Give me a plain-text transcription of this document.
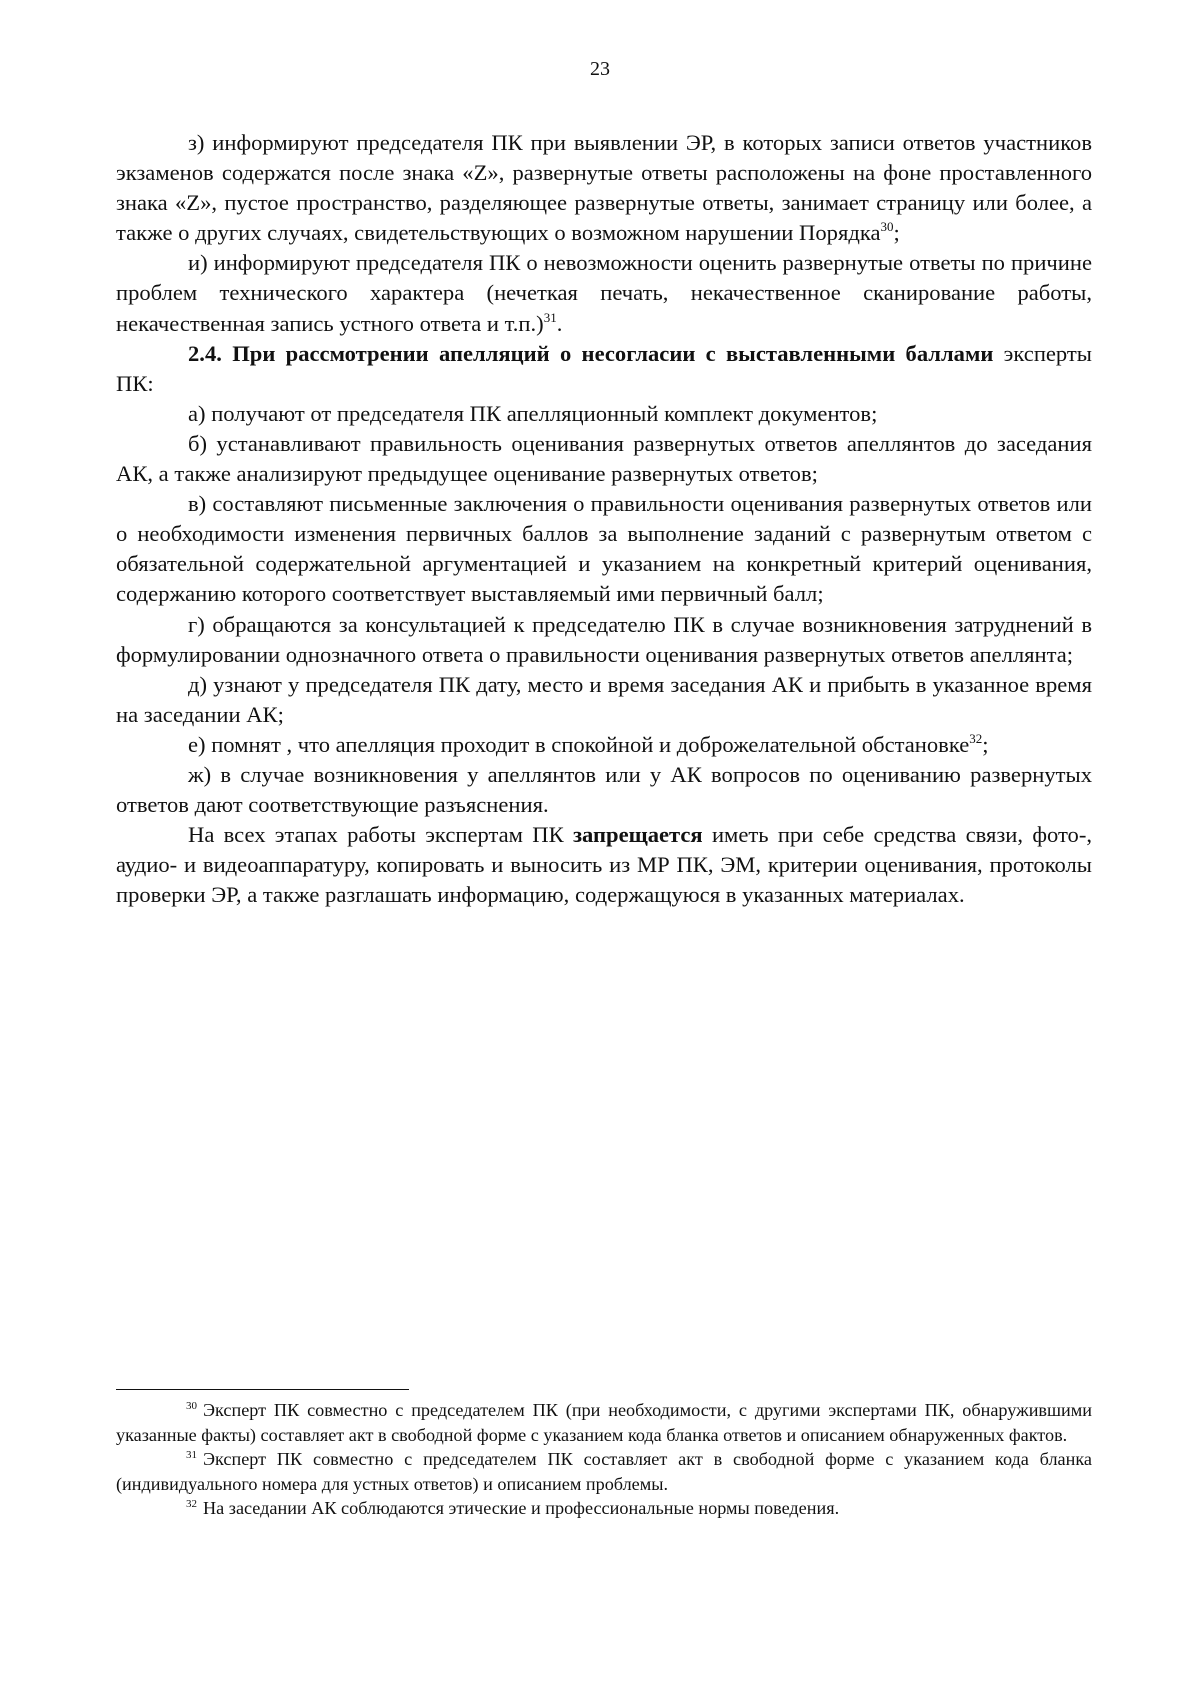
23

з) информируют председателя ПК при выявлении ЭР, в которых записи ответов участников экзаменов содержатся после знака «Z», развернутые ответы расположены на фоне проставленного знака «Z», пустое пространство, разделяющее развернутые ответы, занимает страницу или более, а также о других случаях, свидетельствующих о возможном нарушении Порядка$^{30}$;

и) информируют председателя ПК о невозможности оценить развернутые ответы по причине проблем технического характера (нечеткая печать, некачественное сканирование работы, некачественная запись устного ответа и т.п.)$^{31}$.

2.4. При рассмотрении апелляций о несогласии с выставленными баллами эксперты ПК:

а) получают от председателя ПК апелляционный комплект документов;

б) устанавливают правильность оценивания развернутых ответов апеллянтов до заседания АК, а также анализируют предыдущее оценивание развернутых ответов;

в) составляют письменные заключения о правильности оценивания развернутых ответов или о необходимости изменения первичных баллов за выполнение заданий с развернутым ответом с обязательной содержательной аргументацией и указанием на конкретный критерий оценивания, содержанию которого соответствует выставляемый ими первичный балл;

г) обращаются за консультацией к председателю ПК в случае возникновения затруднений в формулировании однозначного ответа о правильности оценивания развернутых ответов апеллянта;

д) узнают у председателя ПК дату, место и время заседания АК и прибыть в указанное время на заседании АК;

е) помнят , что апелляция проходит в спокойной и доброжелательной обстановке$^{32}$;

ж) в случае возникновения у апеллянтов или у АК вопросов по оцениванию развернутых ответов дают соответствующие разъяснения.

На всех этапах работы экспертам ПК запрещается иметь при себе средства связи, фото-, аудио- и видеоаппаратуру, копировать и выносить из МР ПК, ЭМ, критерии оценивания, протоколы проверки ЭР, а также разглашать информацию, содержащуюся в указанных материалах.

$^{30}$ Эксперт ПК совместно с председателем ПК (при необходимости, с другими экспертами ПК, обнаружившими указанные факты) составляет акт в свободной форме с указанием кода бланка ответов и описанием обнаруженных фактов.

$^{31}$ Эксперт ПК совместно с председателем ПК составляет акт в свободной форме с указанием кода бланка (индивидуального номера для устных ответов) и описанием проблемы.

$^{32}$ На заседании АК соблюдаются этические и профессиональные нормы поведения.
